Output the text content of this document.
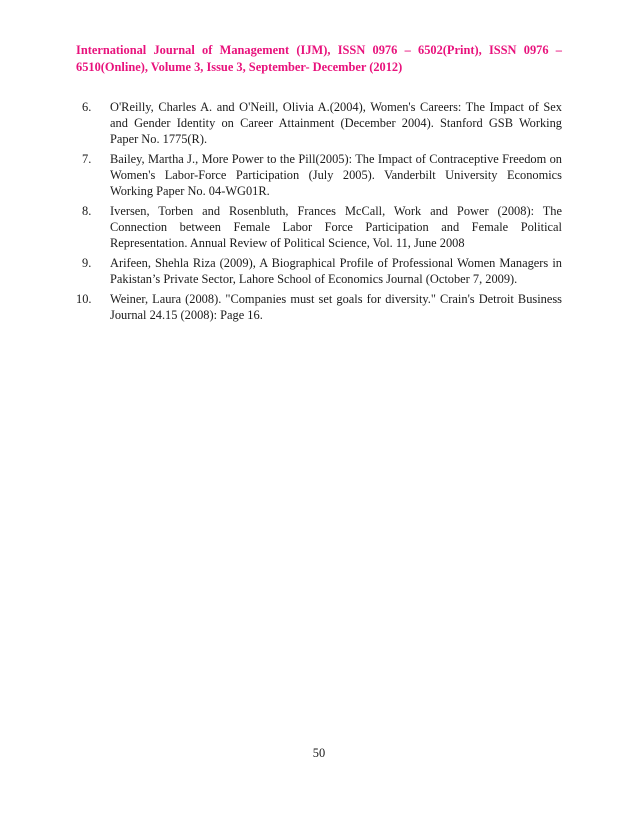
International Journal of Management (IJM), ISSN 0976 – 6502(Print), ISSN 0976 – 6510(Online), Volume 3, Issue 3, September- December (2012)
6. O'Reilly, Charles A. and O'Neill, Olivia A.(2004), Women's Careers: The Impact of Sex and Gender Identity on Career Attainment (December 2004). Stanford GSB Working Paper No. 1775(R).
7. Bailey, Martha J., More Power to the Pill(2005): The Impact of Contraceptive Freedom on Women's Labor-Force Participation (July 2005). Vanderbilt University Economics Working Paper No. 04-WG01R.
8. Iversen, Torben and Rosenbluth, Frances McCall, Work and Power (2008): The Connection between Female Labor Force Participation and Female Political Representation. Annual Review of Political Science, Vol. 11, June 2008
9. Arifeen, Shehla Riza (2009), A Biographical Profile of Professional Women Managers in Pakistan’s Private Sector, Lahore School of Economics Journal (October 7, 2009).
10. Weiner, Laura (2008). "Companies must set goals for diversity." Crain's Detroit Business Journal 24.15 (2008): Page 16.
50
